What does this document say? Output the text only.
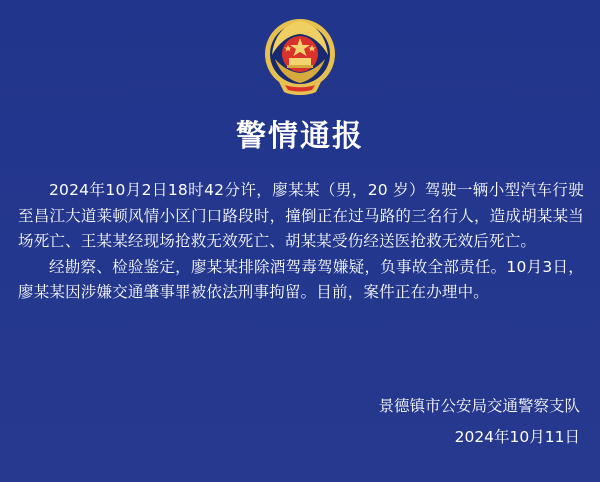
警情通报

2024年10月2日18时42分许，廖某某（男，20 岁）驾驶一辆小型汽车行驶至昌江大道莱顿风情小区门口路段时，撞倒正在过马路的三名行人，造成胡某某当场死亡、王某某经现场抢救无效死亡、胡某某受伤经送医抢救无效后死亡。

经勘察、检验鉴定，廖某某排除酒驾毒驾嫌疑，负事故全部责任。10月3日，廖某某因涉嫌交通肇事罪被依法刑事拘留。目前，案件正在办理中。

景德镇市公安局交通警察支队
2024年10月11日
